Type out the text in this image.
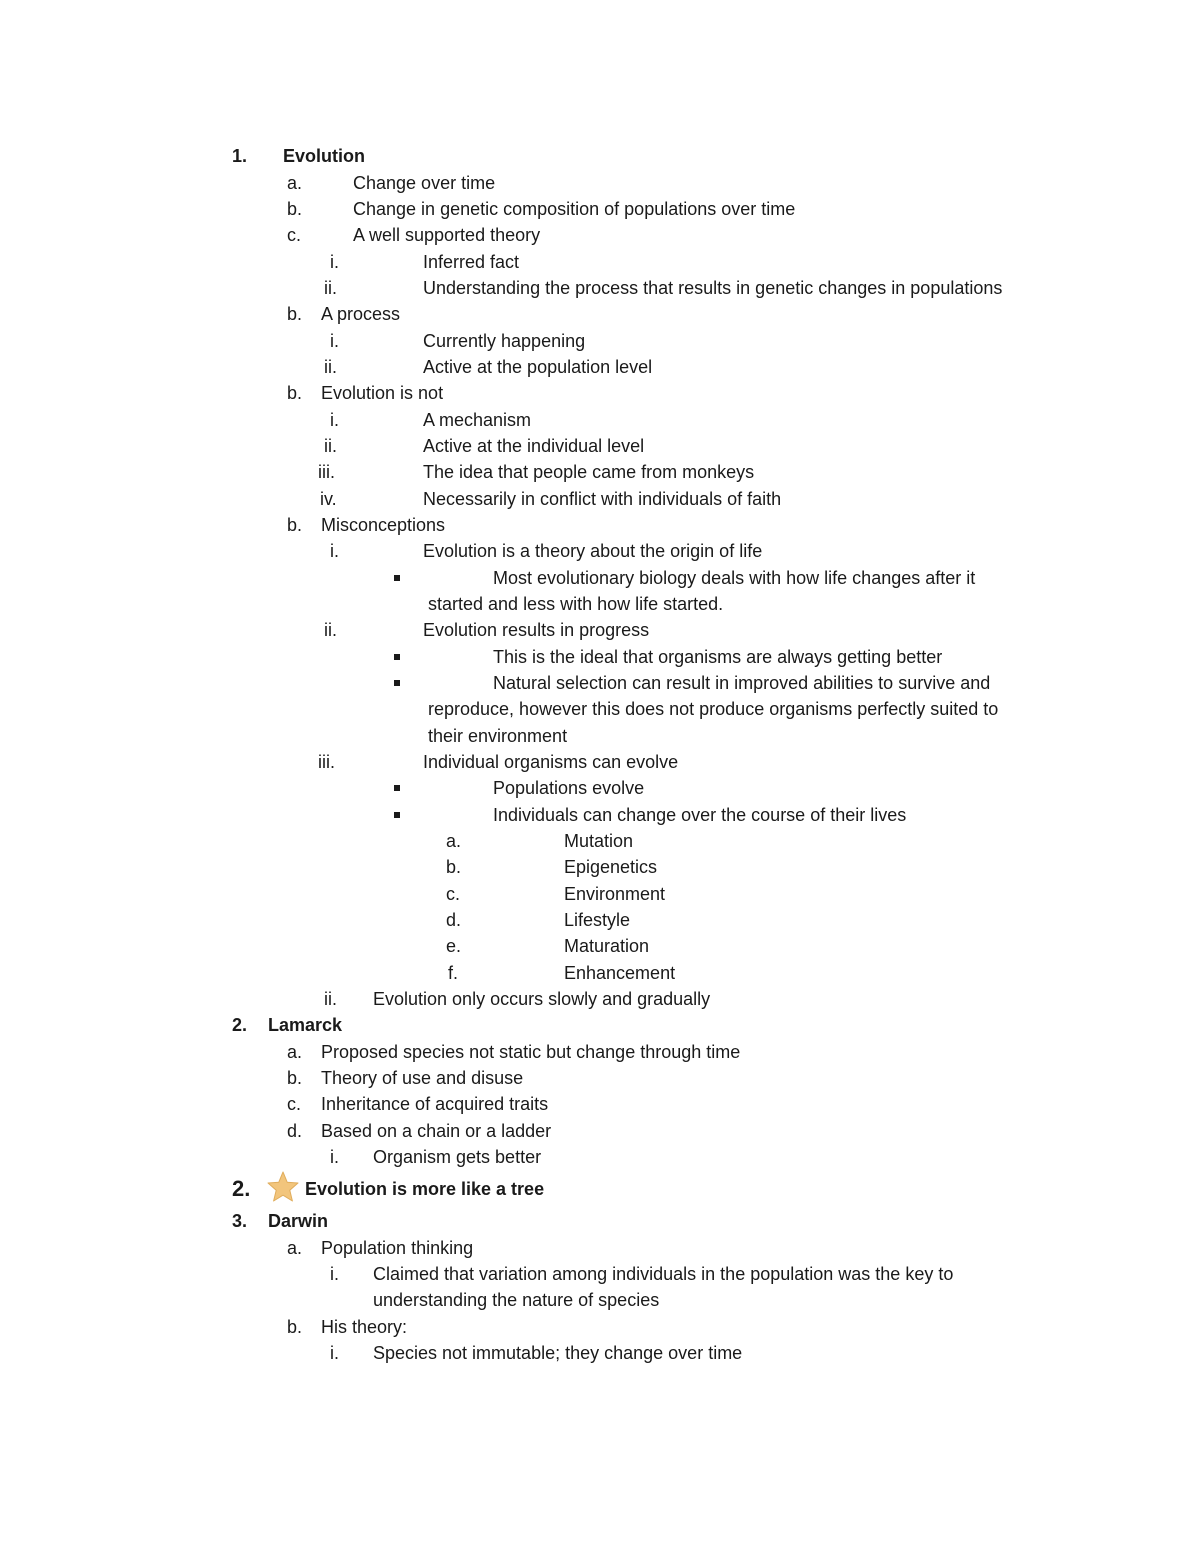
1. Evolution
a.	Change over time
b.	Change in genetic composition of populations over time
c.	A well supported theory
i.	Inferred fact
ii.	Understanding the process that results in genetic changes in populations
b. A process
i.	Currently happening
ii.	Active at the population level
b. Evolution is not
i.	A mechanism
ii.	Active at the individual level
iii.	The idea that people came from monkeys
iv.	Necessarily in conflict with individuals of faith
b. Misconceptions
i.	Evolution is a theory about the origin of life
Most evolutionary biology deals with how life changes after it
started and less with how life started.
ii.	Evolution results in progress
This is the ideal that organisms are always getting better
Natural selection can result in improved abilities to survive and
reproduce, however this does not produce organisms perfectly suited to
their environment
iii.	Individual organisms can evolve
Populations evolve
Individuals can change over the course of their lives
a.	Mutation
b.	Epigenetics
c.	Environment
d.	Lifestyle
e.	Maturation
f.	Enhancement
ii. Evolution only occurs slowly and gradually
2. Lamarck
a. Proposed species not static but change through time
b. Theory of use and disuse
c. Inheritance of acquired traits
d. Based on a chain or a ladder
i. Organism gets better
2.	Evolution is more like a tree
3. Darwin
a. Population thinking
i. Claimed that variation among individuals in the population was the key to
understanding the nature of species
b. His theory:
i. Species not immutable; they change over time
